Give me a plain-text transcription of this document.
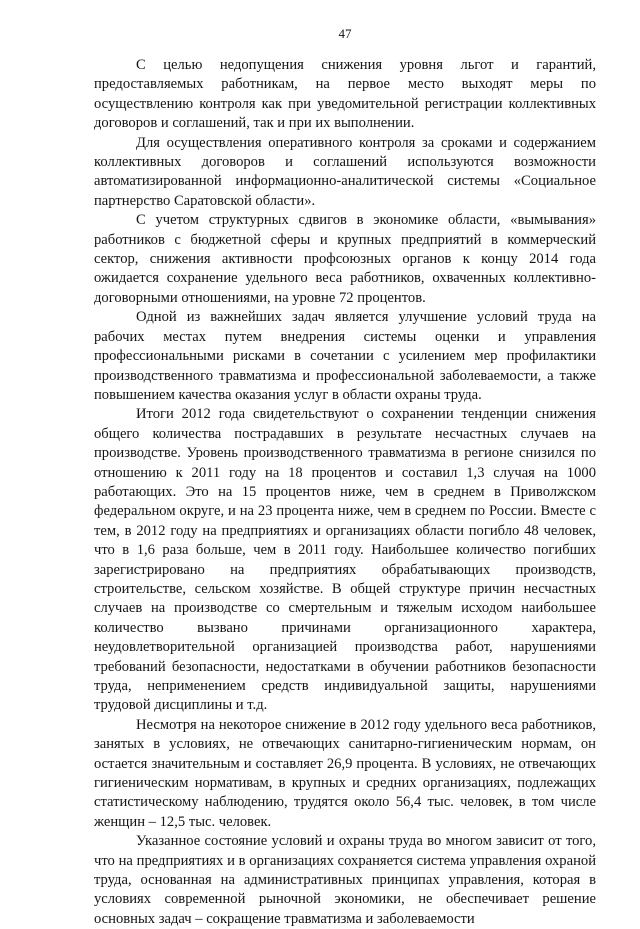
47

С целью недопущения снижения уровня льгот и гарантий, предоставляемых работникам, на первое место выходят меры по осуществлению контроля как при уведомительной регистрации коллективных договоров и соглашений, так и при их выполнении.

Для осуществления оперативного контроля за сроками и содержанием коллективных договоров и соглашений используются возможности автоматизированной информационно-аналитической системы «Социальное партнерство Саратовской области».

С учетом структурных сдвигов в экономике области, «вымывания» работников с бюджетной сферы и крупных предприятий в коммерческий сектор, снижения активности профсоюзных органов к концу 2014 года ожидается сохранение удельного веса работников, охваченных коллективно-договорными отношениями, на уровне 72 процентов.

Одной из важнейших задач является улучшение условий труда на рабочих местах путем внедрения системы оценки и управления профессиональными рисками в сочетании с усилением мер профилактики производственного травматизма и профессиональной заболеваемости, а также повышением качества оказания услуг в области охраны труда.

Итоги 2012 года свидетельствуют о сохранении тенденции снижения общего количества пострадавших в результате несчастных случаев на производстве. Уровень производственного травматизма в регионе снизился по отношению к 2011 году на 18 процентов и составил 1,3 случая на 1000 работающих. Это на 15 процентов ниже, чем в среднем в Приволжском федеральном округе, и на 23 процента ниже, чем в среднем по России. Вместе с тем, в 2012 году на предприятиях и организациях области погибло 48 человек, что в 1,6 раза больше, чем в 2011 году. Наибольшее количество погибших зарегистрировано на предприятиях обрабатывающих производств, строительстве, сельском хозяйстве. В общей структуре причин несчастных случаев на производстве со смертельным и тяжелым исходом наибольшее количество вызвано причинами организационного характера, неудовлетворительной организацией производства работ, нарушениями требований безопасности, недостатками в обучении работников безопасности труда, неприменением средств индивидуальной защиты, нарушениями трудовой дисциплины и т.д.

Несмотря на некоторое снижение в 2012 году удельного веса работников, занятых в условиях, не отвечающих санитарно-гигиеническим нормам, он остается значительным и составляет 26,9 процента. В условиях, не отвечающих гигиеническим нормативам, в крупных и средних организациях, подлежащих статистическому наблюдению, трудятся около 56,4 тыс. человек, в том числе женщин – 12,5 тыс. человек.

Указанное состояние условий и охраны труда во многом зависит от того, что на предприятиях и в организациях сохраняется система управления охраной труда, основанная на административных принципах управления, которая в условиях современной рыночной экономики, не обеспечивает решение основных задач – сокращение травматизма и заболеваемости
